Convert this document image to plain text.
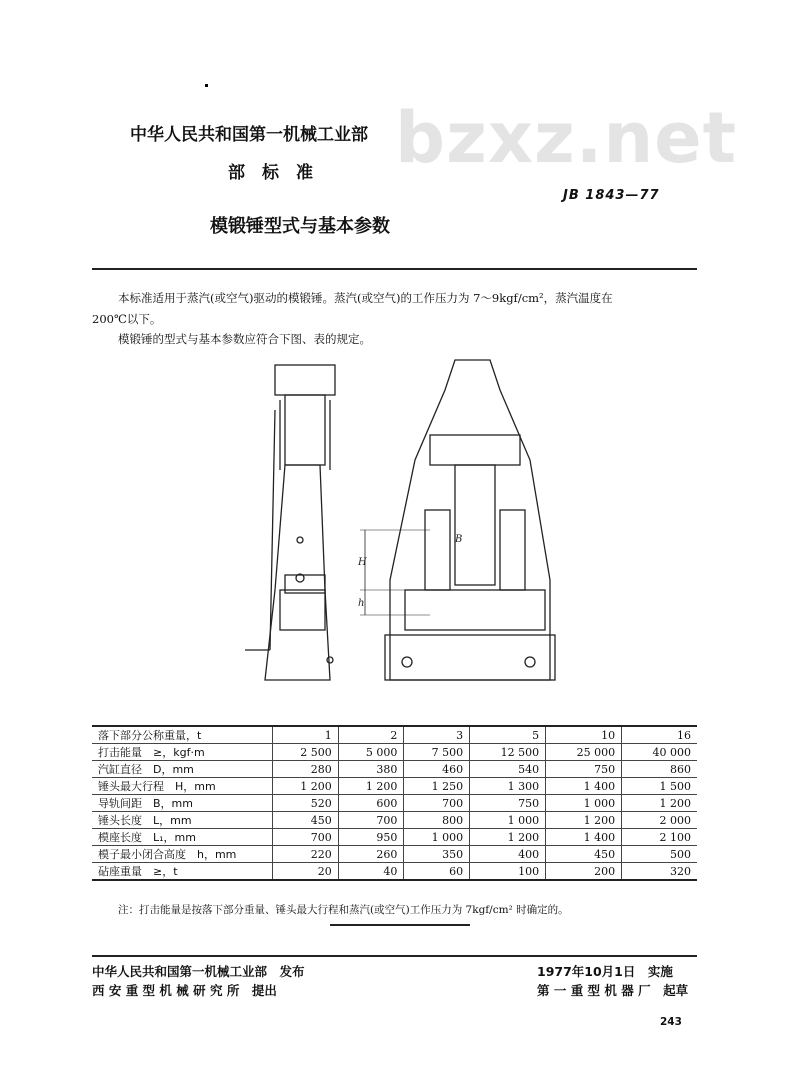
bzxz.net
中华人民共和国第一机械工业部
部　标　准
JB 1843—77
模锻锤型式与基本参数
本标准适用于蒸汽(或空气)驱动的模锻锤。蒸汽(或空气)的工作压力为 7～9kgf/cm²，蒸汽温度在
200℃以下。
模锻锤的型式与基本参数应符合下图、表的规定。
H
h
B
落下部分公称重量，t	1	2	3	5	10	16
打击能量　≥，kgf·m	2 500	5 000	7 500	12 500	25 000	40 000
汽缸直径　D，mm	280	380	460	540	750	860
锤头最大行程　H，mm	1 200	1 200	1 250	1 300	1 400	1 500
导轨间距　B，mm	520	600	700	750	1 000	1 200
锤头长度　L，mm	450	700	800	1 000	1 200	2 000
模座长度　L₁，mm	700	950	1 000	1 200	1 400	2 100
模子最小闭合高度　h，mm	220	260	350	400	450	500
砧座重量　≥，t	20	40	60	100	200	320
注：打击能量是按落下部分重量、锤头最大行程和蒸汽(或空气)工作压力为 7kgf/cm² 时确定的。
中华人民共和国第一机械工业部　发布
西 安 重 型 机 械 研 究 所　提出
1977年10月1日　实施
第 一 重 型 机 器 厂　起草
243
